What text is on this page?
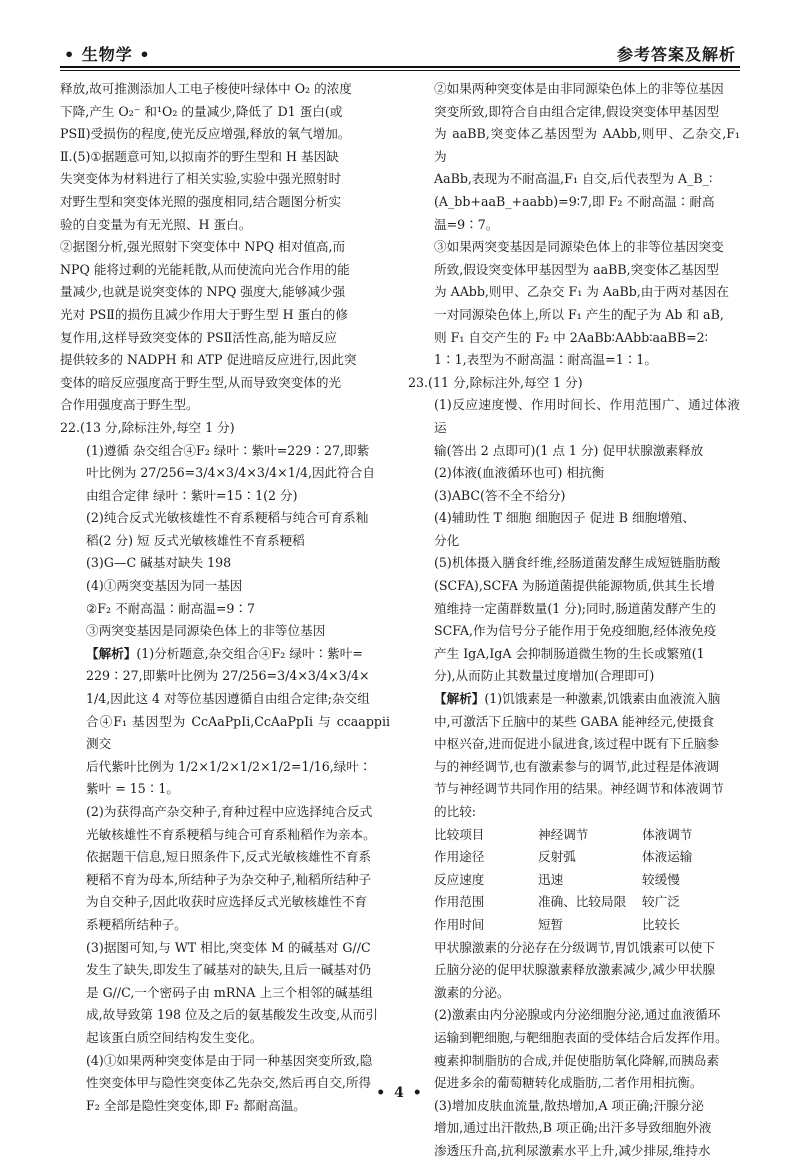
• 生物学 •	参考答案及解析

释放,故可推测添加人工电子梭使叶绿体中 O₂ 的浓度

下降,产生 O₂⁻ 和¹O₂ 的量减少,降低了 D1 蛋白(或

PSⅡ)受损伤的程度,使光反应增强,释放的氧气增加。

Ⅱ.(5)①据题意可知,以拟南芥的野生型和 H 基因缺

失突变体为材料进行了相关实验,实验中强光照射时

对野生型和突变体光照的强度相同,结合题图分析实

验的自变量为有无光照、H 蛋白。

②据图分析,强光照射下突变体中 NPQ 相对值高,而

NPQ 能将过剩的光能耗散,从而使流向光合作用的能

量减少,也就是说突变体的 NPQ 强度大,能够减少强

光对 PSⅡ的损伤且减少作用大于野生型 H 蛋白的修

复作用,这样导致突变体的 PSⅡ活性高,能为暗反应

提供较多的 NADPH 和 ATP 促进暗反应进行,因此突

变体的暗反应强度高于野生型,从而导致突变体的光

合作用强度高于野生型。

22.(13 分,除标注外,每空 1 分)

(1)遵循 杂交组合④F₂ 绿叶∶紫叶=229∶27,即紫

叶比例为 27/256=3/4×3/4×3/4×1/4,因此符合自

由组合定律 绿叶∶紫叶=15∶1(2 分)

(2)纯合反式光敏核雄性不育系粳稻与纯合可育系籼

稻(2 分) 短 反式光敏核雄性不育系粳稻

(3)G—C 碱基对缺失 198

(4)①两突变基因为同一基因

②F₂ 不耐高温∶耐高温=9∶7

③两突变基因是同源染色体上的非等位基因

【解析】(1)分析题意,杂交组合④F₂ 绿叶∶紫叶=

229∶27,即紫叶比例为 27/256=3/4×3/4×3/4×

1/4,因此这 4 对等位基因遵循自由组合定律;杂交组

合④F₁ 基因型为 CcAaPpIi,CcAaPpIi 与 ccaappii 测交

后代紫叶比例为 1/2×1/2×1/2×1/2=1/16,绿叶∶

紫叶 = 15∶1。

(2)为获得高产杂交种子,育种过程中应选择纯合反式

光敏核雄性不育系粳稻与纯合可育系籼稻作为亲本。

依据题干信息,短日照条件下,反式光敏核雄性不育系

粳稻不育为母本,所结种子为杂交种子,籼稻所结种子

为自交种子,因此收获时应选择反式光敏核雄性不育

系粳稻所结种子。

(3)据图可知,与 WT 相比,突变体 M 的碱基对 G//C

发生了缺失,即发生了碱基对的缺失,且后一碱基对仍

是 G//C,一个密码子由 mRNA 上三个相邻的碱基组

成,故导致第 198 位及之后的氨基酸发生改变,从而引

起该蛋白质空间结构发生变化。

(4)①如果两种突变体是由于同一种基因突变所致,隐

性突变体甲与隐性突变体乙先杂交,然后再自交,所得

F₂ 全部是隐性突变体,即 F₂ 都耐高温。

②如果两种突变体是由非同源染色体上的非等位基因

突变所致,即符合自由组合定律,假设突变体甲基因型

为 aaBB,突变体乙基因型为 AAbb,则甲、乙杂交,F₁ 为

AaBb,表现为不耐高温,F₁ 自交,后代表型为 A_B_∶

(A_bb+aaB_+aabb)=9∶7,即 F₂ 不耐高温∶耐高

温=9∶7。

③如果两突变基因是同源染色体上的非等位基因突变

所致,假设突变体甲基因型为 aaBB,突变体乙基因型

为 AAbb,则甲、乙杂交 F₁ 为 AaBb,由于两对基因在

一对同源染色体上,所以 F₁ 产生的配子为 Ab 和 aB,

则 F₁ 自交产生的 F₂ 中 2AaBb∶AAbb∶aaBB=2∶

1∶1,表型为不耐高温∶耐高温=1∶1。

23.(11 分,除标注外,每空 1 分)

(1)反应速度慢、作用时间长、作用范围广、通过体液运

输(答出 2 点即可)(1 点 1 分) 促甲状腺激素释放

(2)体液(血液循环也可) 相抗衡

(3)ABC(答不全不给分)

(4)辅助性 T 细胞 细胞因子 促进 B 细胞增殖、

分化

(5)机体摄入膳食纤维,经肠道菌发酵生成短链脂肪酸

(SCFA),SCFA 为肠道菌提供能源物质,供其生长增

殖维持一定菌群数量(1 分);同时,肠道菌发酵产生的

SCFA,作为信号分子能作用于免疫细胞,经体液免疫

产生 IgA,IgA 会抑制肠道微生物的生长或繁殖(1

分),从而防止其数量过度增加(合理即可)

【解析】(1)饥饿素是一种激素,饥饿素由血液流入脑

中,可激活下丘脑中的某些 GABA 能神经元,使摄食

中枢兴奋,进而促进小鼠进食,该过程中既有下丘脑参

与的神经调节,也有激素参与的调节,此过程是体液调

节与神经调节共同作用的结果。神经调节和体液调节

的比较:

比较项目	神经调节	体液调节
作用途径	反射弧	体液运输
反应速度	迅速	较缓慢
作用范围	准确、比较局限	较广泛
作用时间	短暂	比较长

甲状腺激素的分泌存在分级调节,胃饥饿素可以使下

丘脑分泌的促甲状腺激素释放激素减少,减少甲状腺

激素的分泌。

(2)激素由内分泌腺或内分泌细胞分泌,通过血液循环

运输到靶细胞,与靶细胞表面的受体结合后发挥作用。

瘦素抑制脂肪的合成,并促使脂肪氧化降解,而胰岛素

促进多余的葡萄糖转化成脂肪,二者作用相抗衡。

(3)增加皮肤血流量,散热增加,A 项正确;汗腺分泌

增加,通过出汗散热,B 项正确;出汗多导致细胞外液

渗透压升高,抗利尿激素水平上升,减少排尿,维持水

• 4 •
